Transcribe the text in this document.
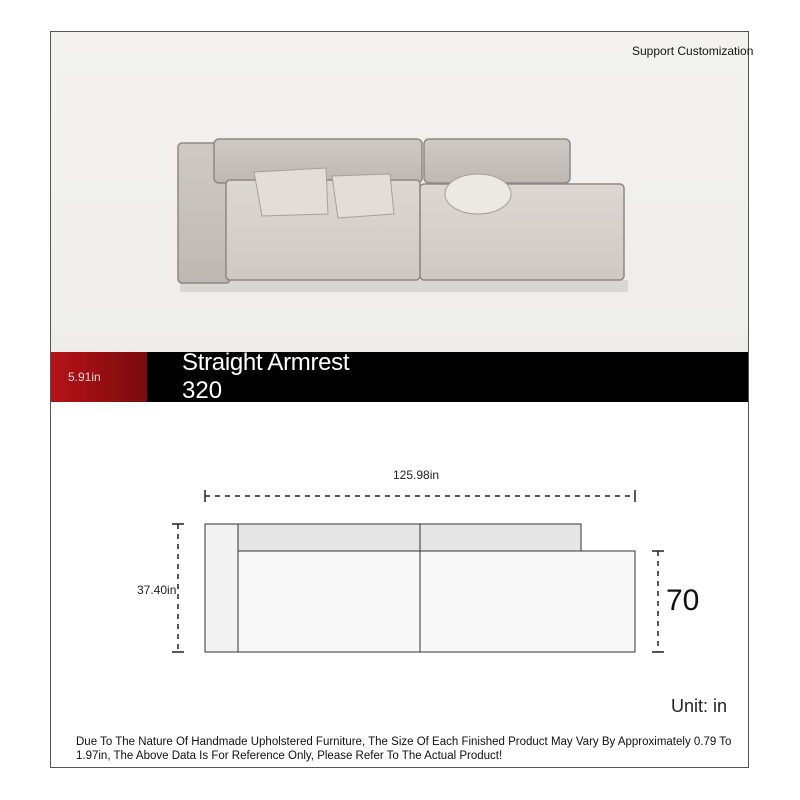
Support Customization
5.91in
Straight Armrest
320
125.98in
37.40in	70
Unit: in
Due To The Nature Of Handmade Upholstered Furniture, The Size Of Each Finished Product May Vary By Approximately 0.79 To 1.97in, The Above Data Is For Reference Only, Please Refer To The Actual Product!
